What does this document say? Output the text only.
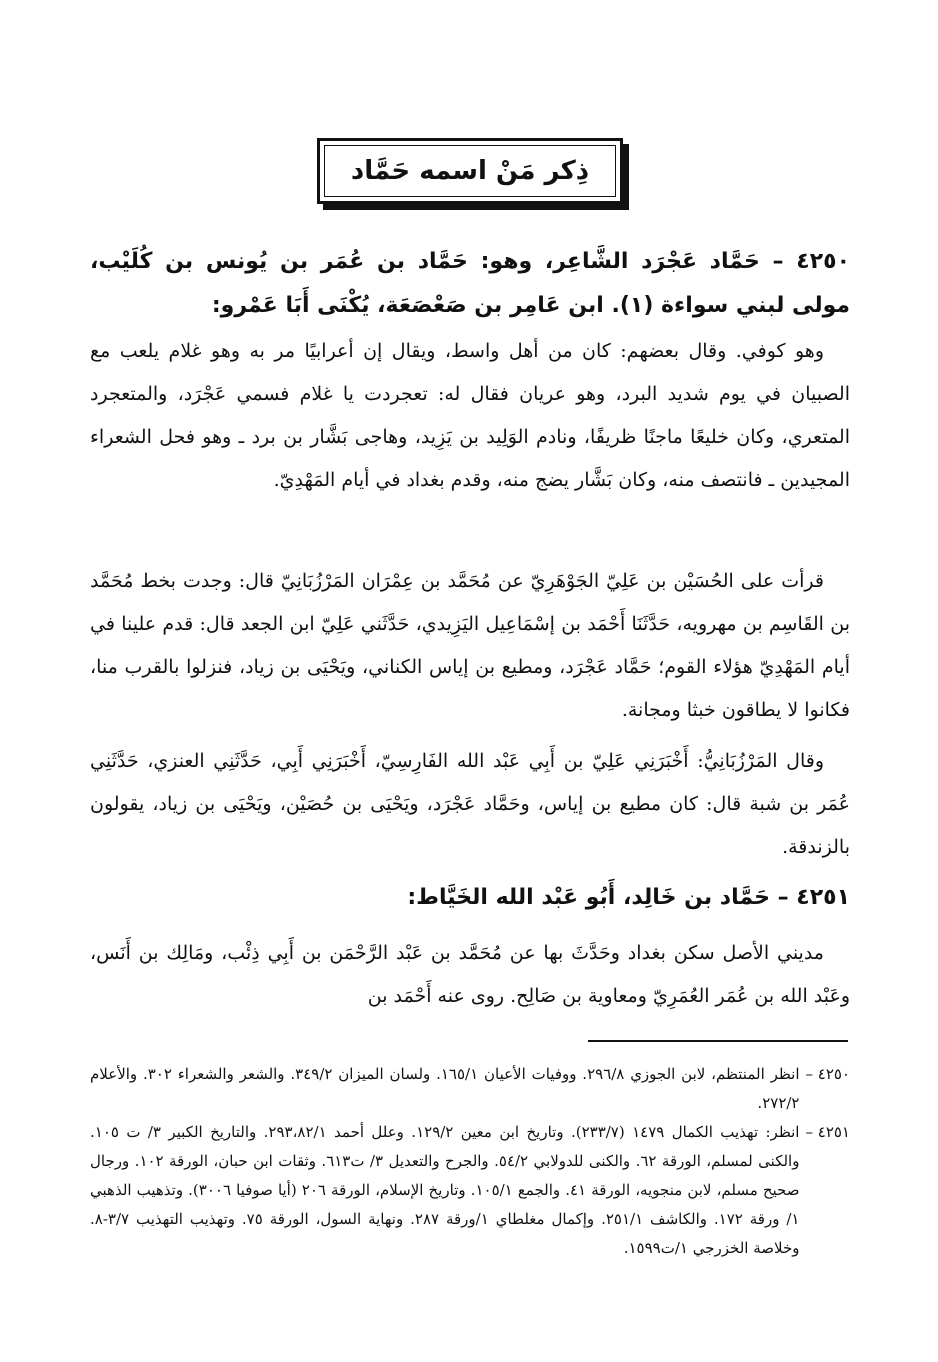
ذِكر مَنْ اسمه حَمَّاد
٤٢٥٠ – حَمَّاد عَجْرَد الشَّاعِر، وهو: حَمَّاد بن عُمَر بن يُونس بن كُلَيْب، مولى لبني سواءة (١). ابن عَامِر بن صَعْصَعَة، يُكْنَى أَبَا عَمْرو:
وهو كوفي. وقال بعضهم: كان من أهل واسط، ويقال إن أعرابيًا مر به وهو غلام يلعب مع الصبيان في يوم شديد البرد، وهو عريان فقال له: تعجردت يا غلام فسمي عَجْرَد، والمتعجرد المتعري، وكان خليعًا ماجنًا ظريفًا، ونادم الوَلِيد بن يَزِيد، وهاجى بَشَّار بن برد ـ وهو فحل الشعراء المجيدين ـ فانتصف منه، وكان بَشَّار يضج منه، وقدم بغداد في أيام المَهْدِيّ.
قرأت على الحُسَيْن بن عَلِيّ الجَوْهَرِيّ عن مُحَمَّد بن عِمْرَان المَرْزُبَانِيّ قال: وجدت بخط مُحَمَّد بن القَاسِم بن مهرويه، حَدَّثَنَا أَحْمَد بن إسْمَاعِيل اليَزِيدي، حَدَّثَني عَلِيّ ابن الجعد قال: قدم علينا في أيام المَهْدِيّ هؤلاء القوم؛ حَمَّاد عَجْرَد، ومطيع بن إياس الكناني، ويَحْيَى بن زياد، فنزلوا بالقرب منا، فكانوا لا يطاقون خبثا ومجانة.
وقال المَرْزُبَانِيُّ: أَخْبَرَنِي عَلِيّ بن أَبِي عَبْد الله الفَارِسِيّ، أَخْبَرَنِي أَبِي، حَدَّثَنِي العنزي، حَدَّثَنِي عُمَر بن شبة قال: كان مطيع بن إياس، وحَمَّاد عَجْرَد، ويَحْيَى بن حُصَيْن، ويَحْيَى بن زياد، يقولون بالزندقة.
٤٢٥١ – حَمَّاد بن خَالِد، أَبُو عَبْد الله الخَيَّاط:
مديني الأصل سكن بغداد وحَدَّثَ بها عن مُحَمَّد بن عَبْد الرَّحْمَن بن أَبِي ذِئْب، ومَالِك بن أَنَس، وعَبْد الله بن عُمَر العُمَرِيّ ومعاوية بن صَالِح. روى عنه أَحْمَد بن
٤٢٥٠ –
انظر المنتظم، لابن الجوزي ٢٩٦/٨. ووفيات الأعيان ١٦٥/١. ولسان الميزان ٣٤٩/٢. والشعر والشعراء ٣٠٢. والأعلام ٢٧٢/٢.
٤٢٥١ –
انظر: تهذيب الكمال ١٤٧٩ (٢٣٣/٧). وتاريخ ابن معين ١٢٩/٢. وعلل أحمد ٢٩٣،٨٢/١. والتاريخ الكبير ٣/ ت ١٠٥. والكنى لمسلم، الورقة ٦٢. والكنى للدولابي ٥٤/٢. والجرح والتعديل ٣/ ت٦١٣. وثقات ابن حبان، الورقة ١٠٢. ورجال صحيح مسلم، لابن منجويه، الورقة ٤١. والجمع ١٠٥/١. وتاريخ الإسلام، الورقة ٢٠٦ (أيا صوفيا ٣٠٠٦). وتذهيب الذهبي ١/ ورقة ١٧٢. والكاشف ٢٥١/١. وإكمال مغلطاي ١/ورقة ٢٨٧. ونهاية السول، الورقة ٧٥. وتهذيب التهذيب ٣/٧-٨. وخلاصة الخزرجي ١/ت١٥٩٩.
